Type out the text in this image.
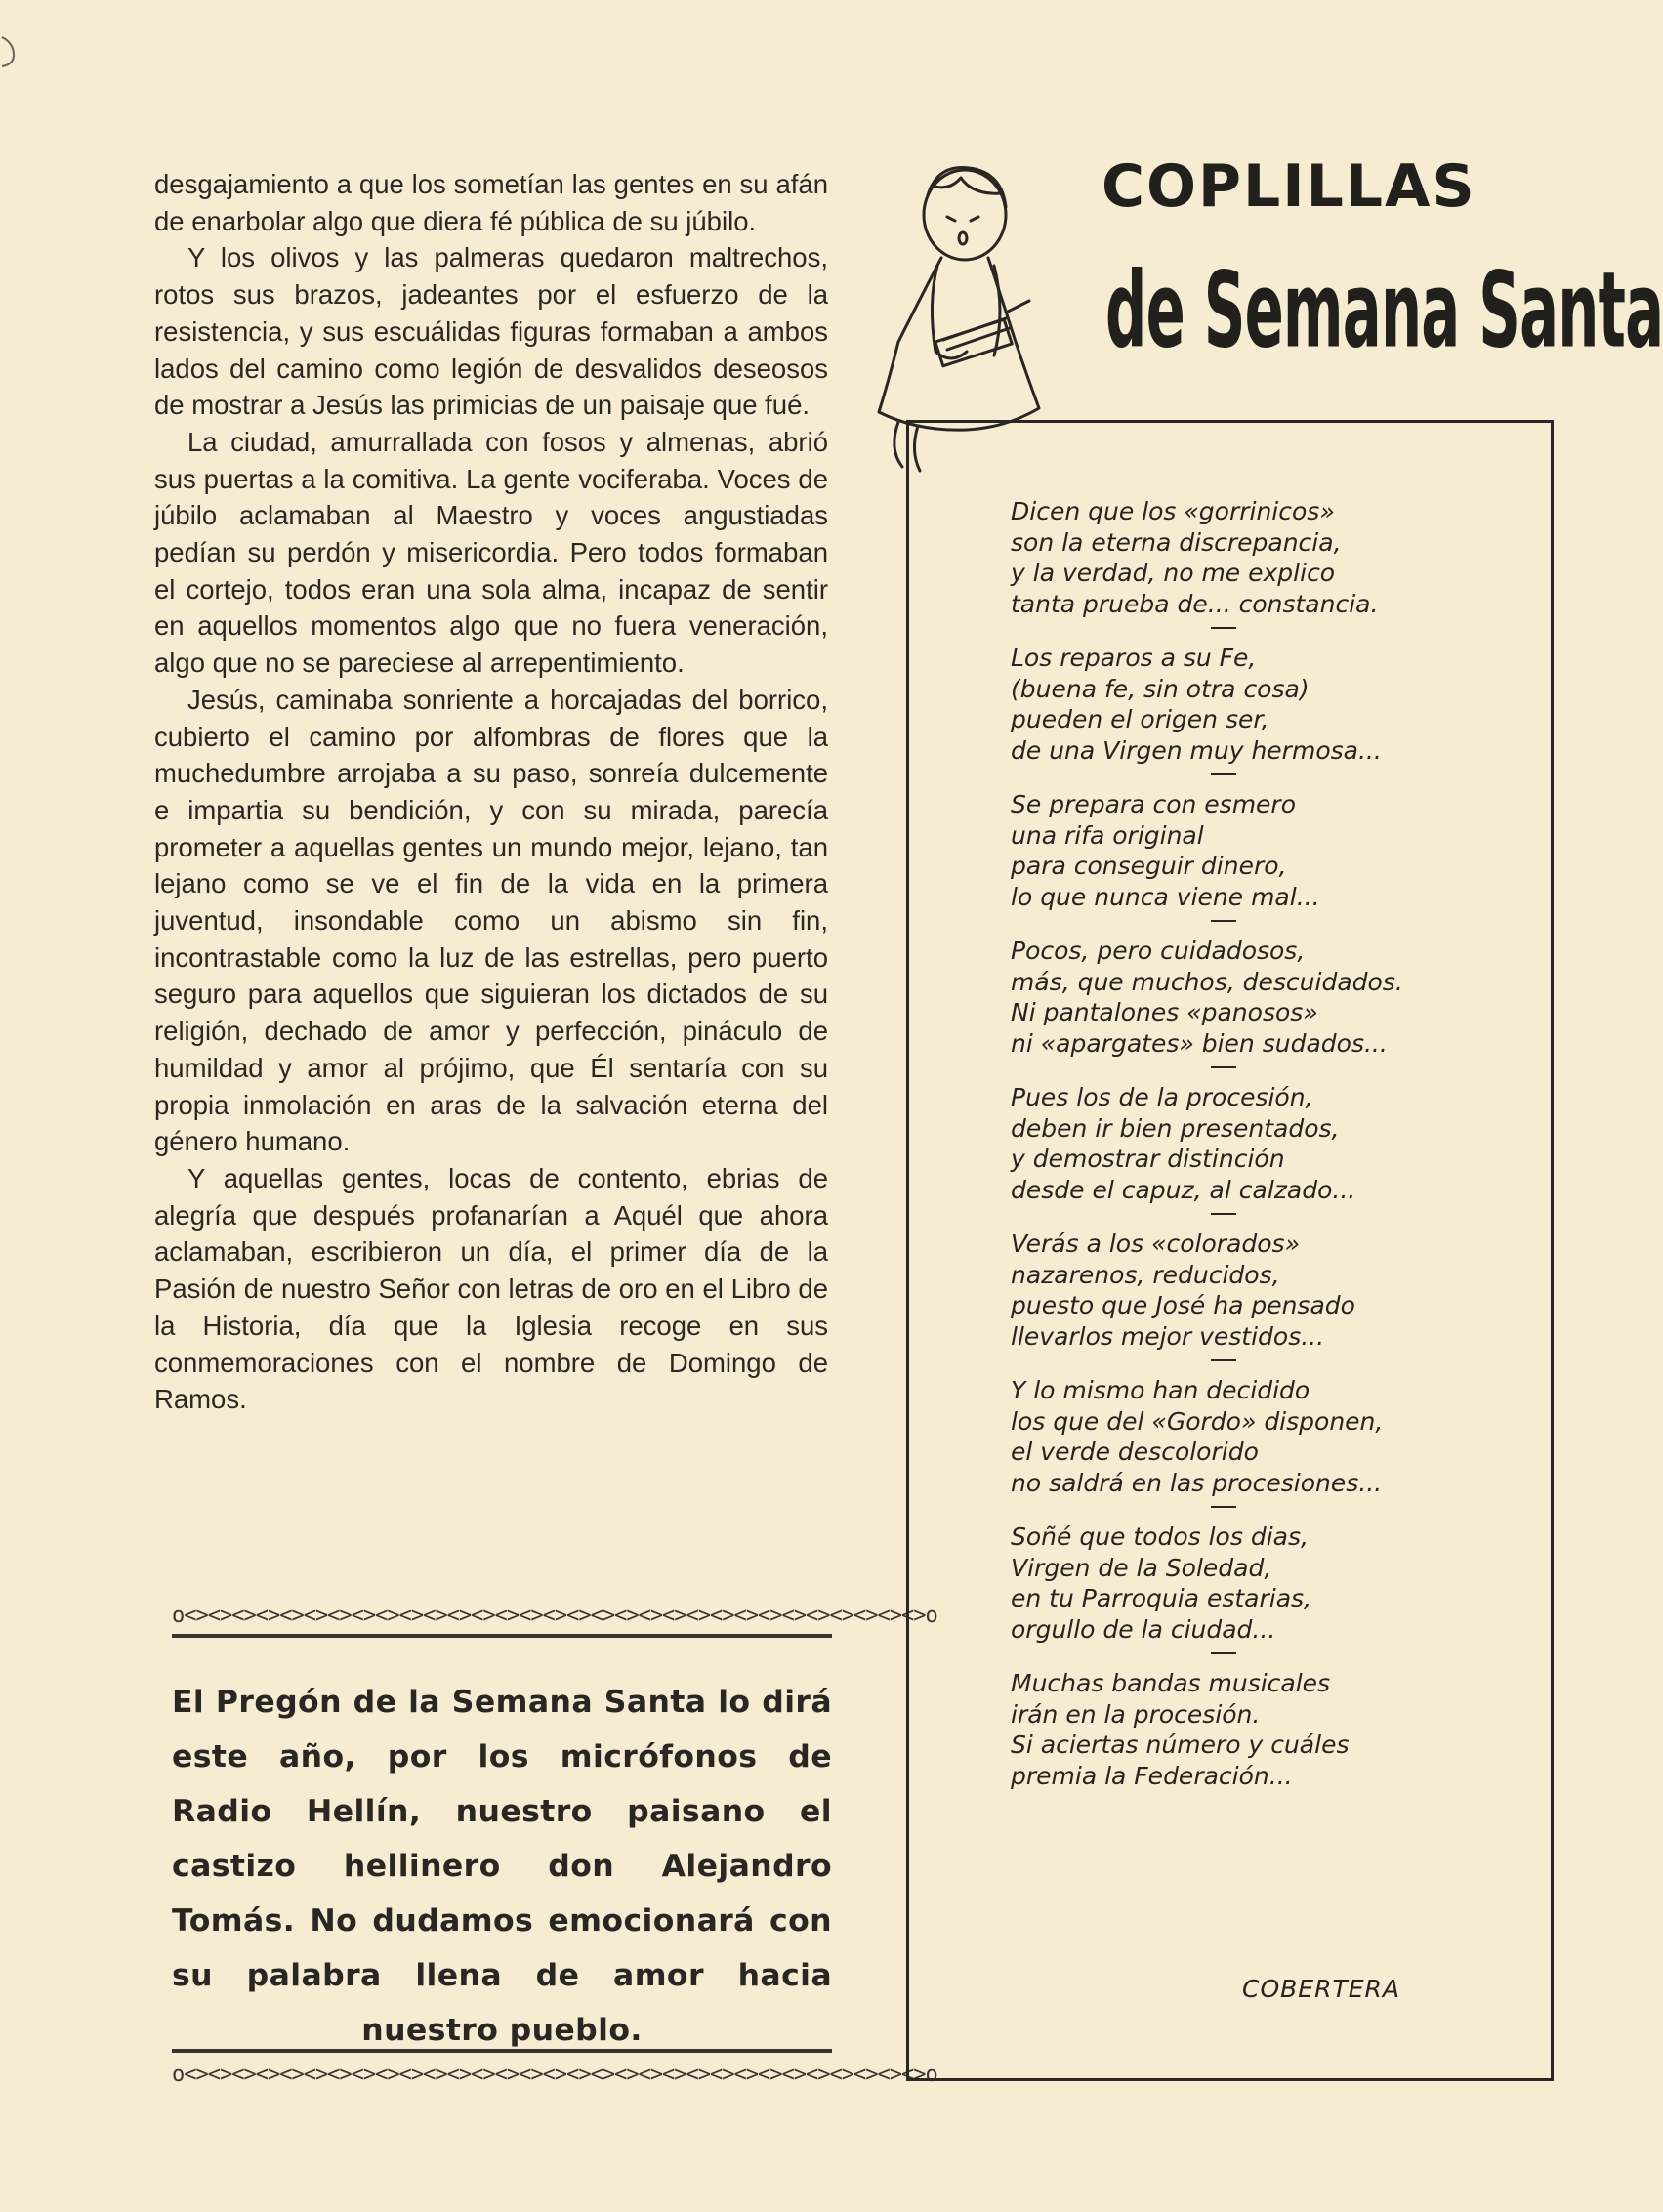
desgajamiento a que los sometían las gentes en su afán de enarbolar algo que diera fé pública de su júbilo.

Y los olivos y las palmeras quedaron maltrechos, rotos sus brazos, jadeantes por el esfuerzo de la resistencia, y sus escuálidas figuras formaban a ambos lados del camino como legión de desvalidos deseosos de mostrar a Jesús las primicias de un paisaje que fué.

La ciudad, amurrallada con fosos y almenas, abrió sus puertas a la comitiva. La gente vociferaba. Voces de júbilo aclamaban al Maestro y voces angustiadas pedían su perdón y misericordia. Pero todos formaban el cortejo, todos eran una sola alma, incapaz de sentir en aquellos momentos algo que no fuera veneración, algo que no se pareciese al arrepentimiento.

Jesús, caminaba sonriente a horcajadas del borrico, cubierto el camino por alfombras de flores que la muchedumbre arrojaba a su paso, sonreía dulcemente e impartia su bendición, y con su mirada, parecía prometer a aquellas gentes un mundo mejor, lejano, tan lejano como se ve el fin de la vida en la primera juventud, insondable como un abismo sin fin, incontrastable como la luz de las estrellas, pero puerto seguro para aquellos que siguieran los dictados de su religión, dechado de amor y perfección, pináculo de humildad y amor al prójimo, que Él sentaría con su propia inmolación en aras de la salvación eterna del género humano.

Y aquellas gentes, locas de contento, ebrias de alegría que después profanarían a Aquél que ahora aclamaban, escribieron un día, el primer día de la Pasión de nuestro Señor con letras de oro en el Libro de la Historia, día que la Iglesia recoge en sus conmemoraciones con el nombre de Domingo de Ramos.

o<><><><><><><><><><><><><><><><><><><><><><><><><><><><><><><>o
El Pregón de la Semana Santa lo dirá este año, por los micrófonos de Radio Hellín, nuestro paisano el castizo hellinero don Alejandro Tomás. No dudamos emocionará con su palabra llena de amor hacia nuestro pueblo.
o<><><><><><><><><><><><><><><><><><><><><><><><><><><><><><><>o
COPLILLAS
de Semana Santa
Dicen que los «gorrinicos»
son la eterna discrepancia,
y la verdad, no me explico
tanta prueba de... constancia.
Los reparos a su Fe,
(buena fe, sin otra cosa)
pueden el origen ser,
de una Virgen muy hermosa...
Se prepara con esmero
una rifa original
para conseguir dinero,
lo que nunca viene mal...
Pocos, pero cuidadosos,
más, que muchos, descuidados.
Ni pantalones «panosos»
ni «apargates» bien sudados...
Pues los de la procesión,
deben ir bien presentados,
y demostrar distinción
desde el capuz, al calzado...
Verás a los «colorados»
nazarenos, reducidos,
puesto que José ha pensado
llevarlos mejor vestidos...
Y lo mismo han decidido
los que del «Gordo» disponen,
el verde descolorido
no saldrá en las procesiones...
Soñé que todos los dias,
Virgen de la Soledad,
en tu Parroquia estarias,
orgullo de la ciudad...
Muchas bandas musicales
irán en la procesión.
Si aciertas número y cuáles
premia la Federación...
COBERTERA
